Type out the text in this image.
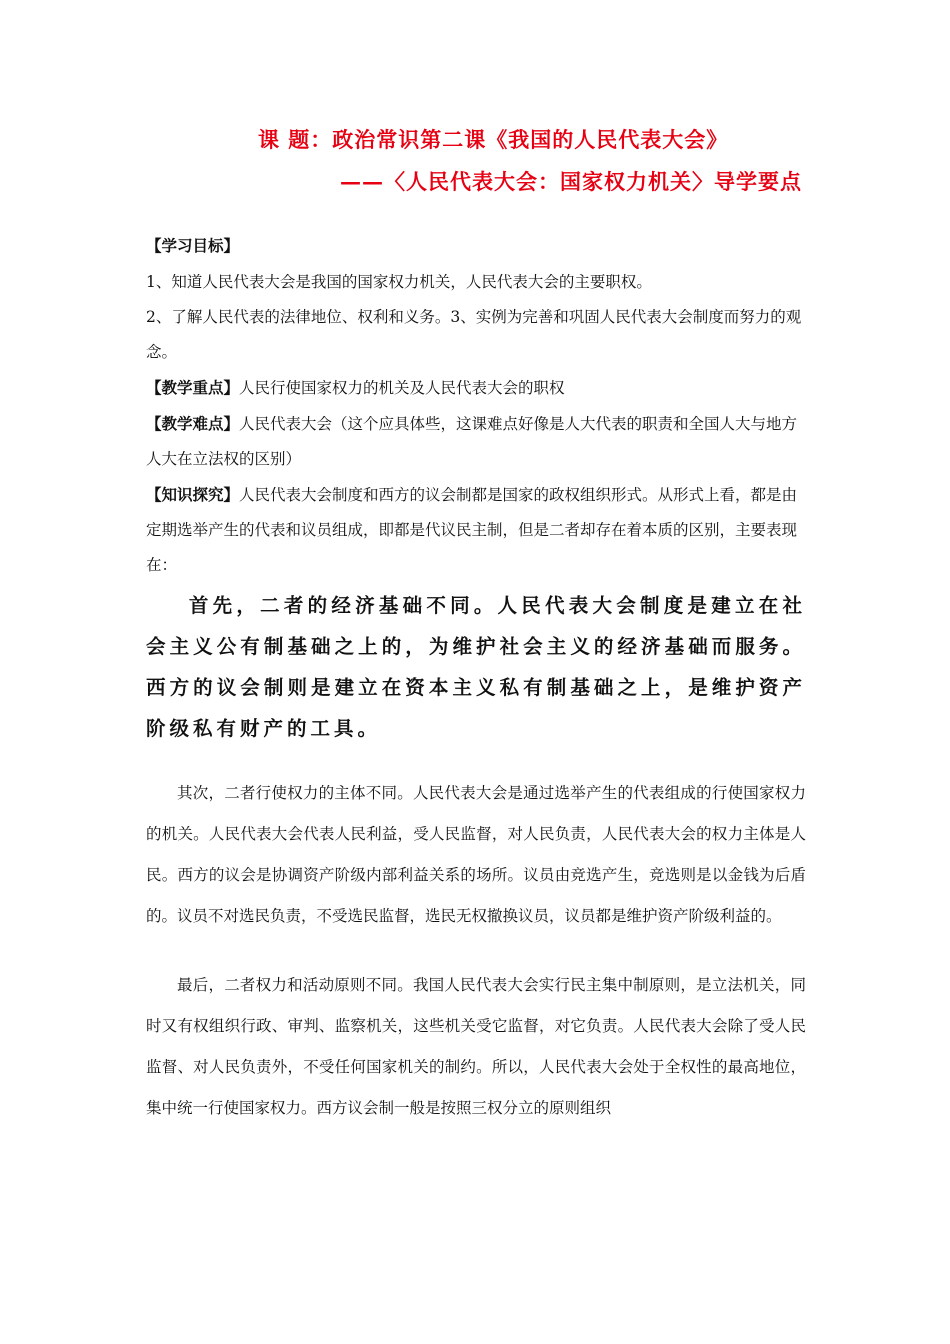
课 题：政治常识第二课《我国的人民代表大会》
——〈人民代表大会：国家权力机关〉导学要点

【学习目标】

1、知道人民代表大会是我国的国家权力机关，人民代表大会的主要职权。

2、了解人民代表的法律地位、权利和义务。3、实例为完善和巩固人民代表大会制度而努力的观念。

【教学重点】人民行使国家权力的机关及人民代表大会的职权

【教学难点】人民代表大会（这个应具体些，这课难点好像是人大代表的职责和全国人大与地方人大在立法权的区别）

【知识探究】人民代表大会制度和西方的议会制都是国家的政权组织形式。从形式上看，都是由定期选举产生的代表和议员组成，即都是代议民主制，但是二者却存在着本质的区别，主要表现在：

首先，二者的经济基础不同。人民代表大会制度是建立在社会主义公有制基础之上的，为维护社会主义的经济基础而服务。西方的议会制则是建立在资本主义私有制基础之上，是维护资产阶级私有财产的工具。

其次，二者行使权力的主体不同。人民代表大会是通过选举产生的代表组成的行使国家权力的机关。人民代表大会代表人民利益，受人民监督，对人民负责，人民代表大会的权力主体是人民。西方的议会是协调资产阶级内部利益关系的场所。议员由竞选产生，竞选则是以金钱为后盾的。议员不对选民负责，不受选民监督，选民无权撤换议员，议员都是维护资产阶级利益的。

最后，二者权力和活动原则不同。我国人民代表大会实行民主集中制原则，是立法机关，同时又有权组织行政、审判、监察机关，这些机关受它监督，对它负责。人民代表大会除了受人民监督、对人民负责外，不受任何国家机关的制约。所以，人民代表大会处于全权性的最高地位，集中统一行使国家权力。西方议会制一般是按照三权分立的原则组织
